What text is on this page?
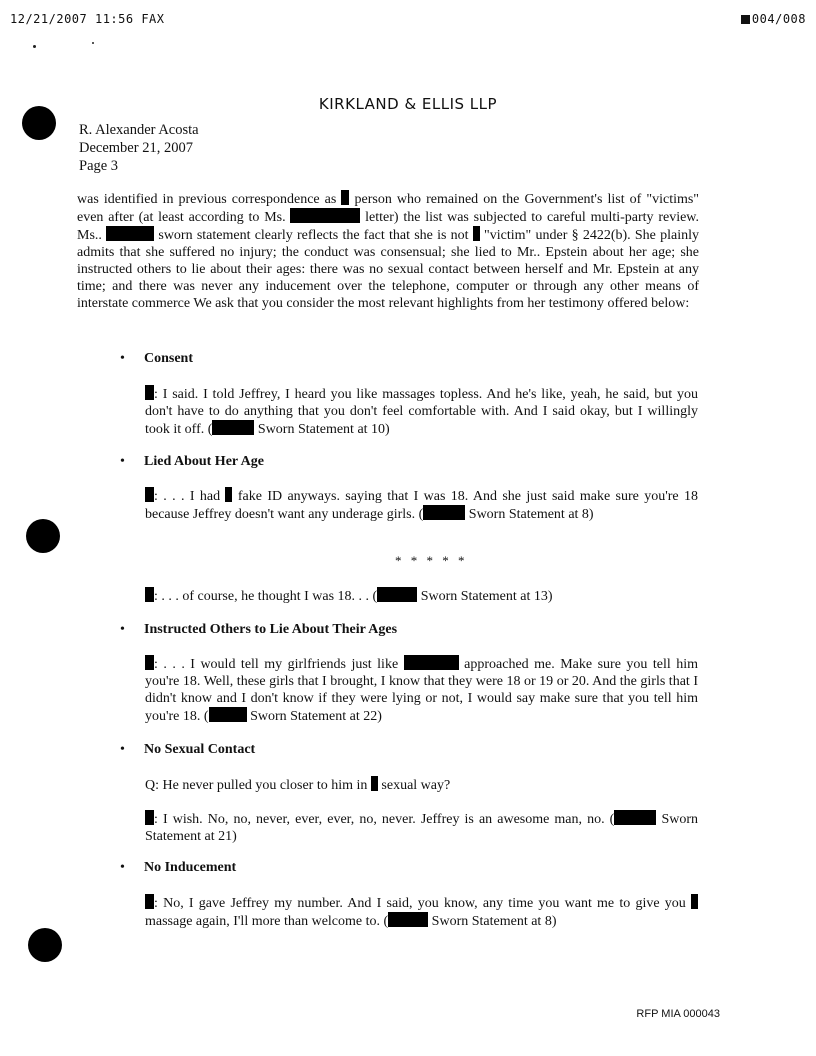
12/21/2007 11:56 FAX	004/008
KIRKLAND & ELLIS LLP
R. Alexander Acosta
December 21, 2007
Page 3
was identified in previous correspondence as person who remained on the Government's list of "victims" even after (at least according to Ms.	letter) the list was subjected to careful multi-party review. Ms..	sworn statement clearly reflects the fact that she is not "victim" under § 2422(b). She plainly admits that she suffered no injury; the conduct was consensual; she lied to Mr.. Epstein about her age; she instructed others to lie about their ages: there was no sexual contact between herself and Mr. Epstein at any time; and there was never any inducement over the telephone, computer or through any other means of interstate commerce We ask that you consider the most relevant highlights from her testimony offered below:
• Consent
: I said. I told Jeffrey, I heard you like massages topless. And he's like, yeah, he said, but you don't have to do anything that you don't feel comfortable with. And I said okay, but I willingly took it off. (	Sworn Statement at 10)
• Lied About Her Age
: . . . I had fake ID anyways. saying that I was 18. And she just said make sure you're 18 because Jeffrey doesn't want any underage girls. (	Sworn Statement at 8)
* * * * *
: . . . of course, he thought I was 18. . . (	Sworn Statement at 13)
• Instructed Others to Lie About Their Ages
: . . . I would tell my girlfriends just like	approached me. Make sure you tell him you're 18. Well, these girls that I brought, I know that they were 18 or 19 or 20. And the girls that I didn't know and I don't know if they were lying or not, I would say make sure that you tell him you're 18. (	Sworn Statement at 22)
• No Sexual Contact
Q: He never pulled you closer to him in sexual way?
: I wish. No, no, never, ever, ever, no, never. Jeffrey is an awesome man, no. (	Sworn Statement at 21)
• No Inducement
: No, I gave Jeffrey my number. And I said, you know, any time you want me to give you  massage again, I'll more than welcome to. (	Sworn Statement at 8)
RFP MIA 000043
